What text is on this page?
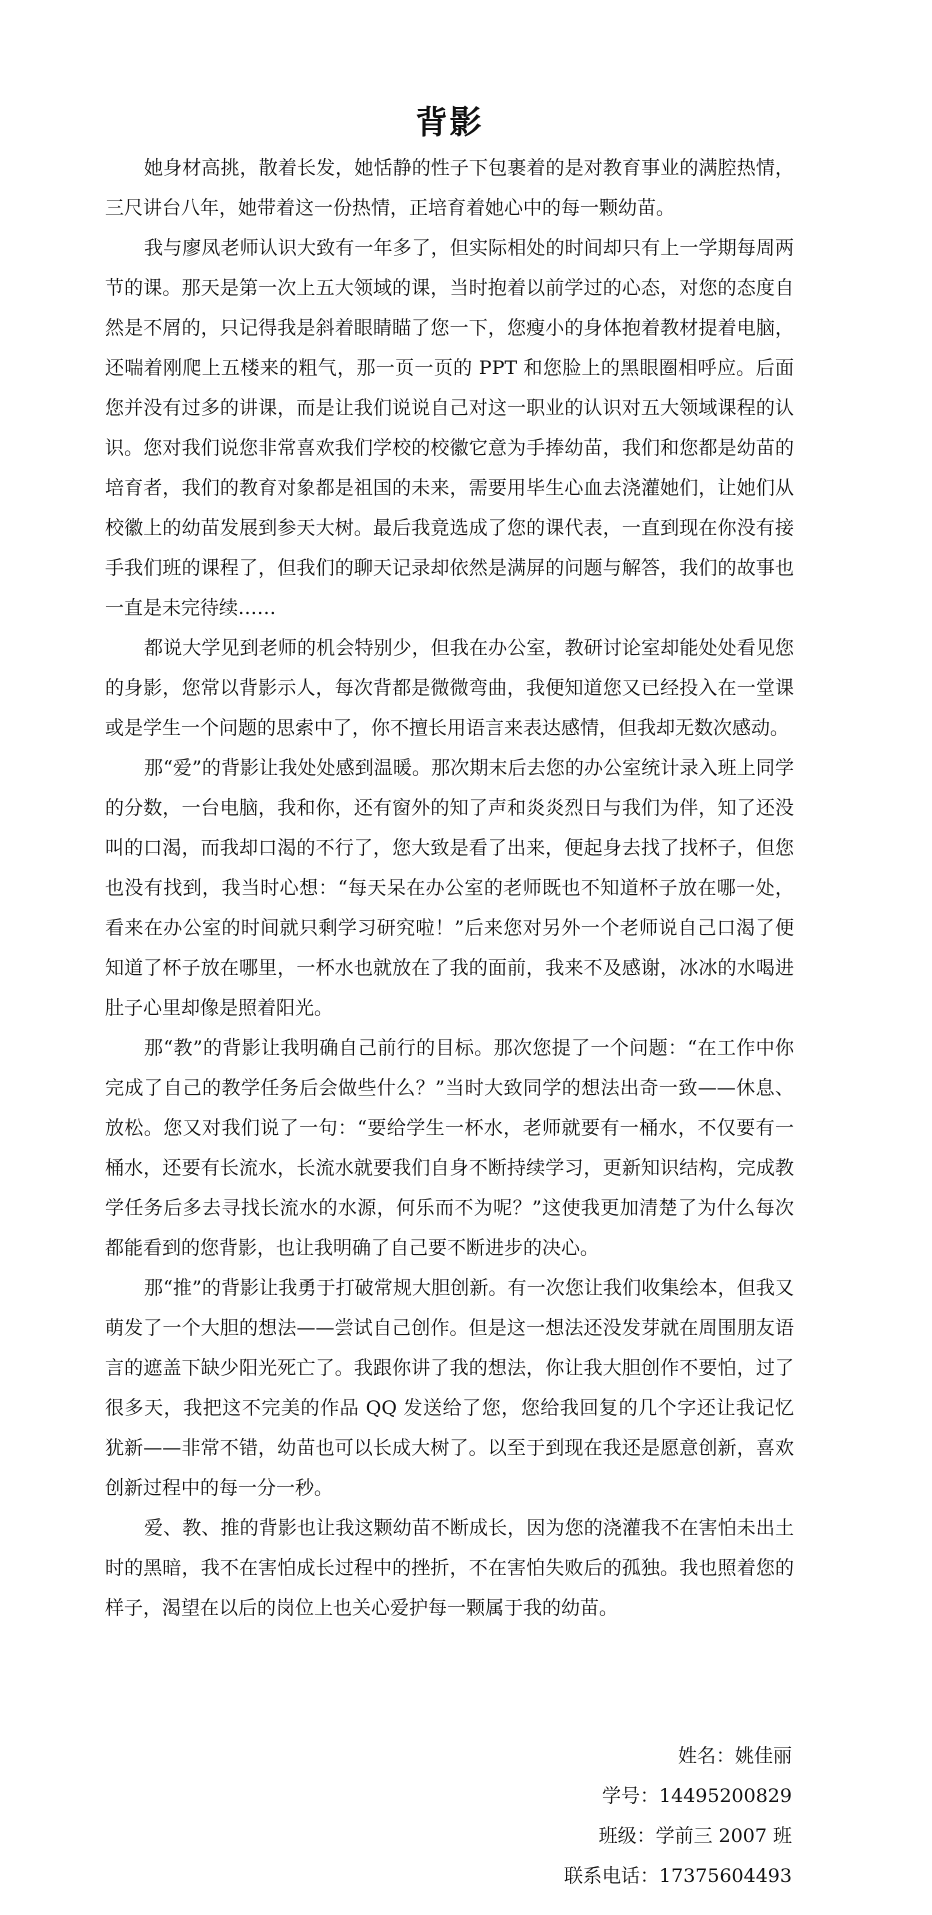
背影

她身材高挑，散着长发，她恬静的性子下包裹着的是对教育事业的满腔热情，三尺讲台八年，她带着这一份热情，正培育着她心中的每一颗幼苗。

我与廖凤老师认识大致有一年多了，但实际相处的时间却只有上一学期每周两节的课。那天是第一次上五大领域的课，当时抱着以前学过的心态，对您的态度自然是不屑的，只记得我是斜着眼睛瞄了您一下，您瘦小的身体抱着教材提着电脑，还喘着刚爬上五楼来的粗气，那一页一页的 PPT 和您脸上的黑眼圈相呼应。后面您并没有过多的讲课，而是让我们说说自己对这一职业的认识对五大领域课程的认识。您对我们说您非常喜欢我们学校的校徽它意为手捧幼苗，我们和您都是幼苗的培育者，我们的教育对象都是祖国的未来，需要用毕生心血去浇灌她们，让她们从校徽上的幼苗发展到参天大树。最后我竟选成了您的课代表，一直到现在你没有接手我们班的课程了，但我们的聊天记录却依然是满屏的问题与解答，我们的故事也一直是未完待续……

都说大学见到老师的机会特别少，但我在办公室，教研讨论室却能处处看见您的身影，您常以背影示人，每次背都是微微弯曲，我便知道您又已经投入在一堂课或是学生一个问题的思索中了，你不擅长用语言来表达感情，但我却无数次感动。

那“爱”的背影让我处处感到温暖。那次期末后去您的办公室统计录入班上同学的分数，一台电脑，我和你，还有窗外的知了声和炎炎烈日与我们为伴，知了还没叫的口渴，而我却口渴的不行了，您大致是看了出来，便起身去找了找杯子，但您也没有找到，我当时心想：“每天呆在办公室的老师既也不知道杯子放在哪一处，看来在办公室的时间就只剩学习研究啦！”后来您对另外一个老师说自己口渴了便知道了杯子放在哪里，一杯水也就放在了我的面前，我来不及感谢，冰冰的水喝进肚子心里却像是照着阳光。

那“教”的背影让我明确自己前行的目标。那次您提了一个问题：“在工作中你完成了自己的教学任务后会做些什么？”当时大致同学的想法出奇一致——休息、放松。您又对我们说了一句：“要给学生一杯水，老师就要有一桶水，不仅要有一桶水，还要有长流水，长流水就要我们自身不断持续学习，更新知识结构，完成教学任务后多去寻找长流水的水源，何乐而不为呢？”这使我更加清楚了为什么每次都能看到的您背影，也让我明确了自己要不断进步的决心。

那“推”的背影让我勇于打破常规大胆创新。有一次您让我们收集绘本，但我又萌发了一个大胆的想法——尝试自己创作。但是这一想法还没发芽就在周围朋友语言的遮盖下缺少阳光死亡了。我跟你讲了我的想法，你让我大胆创作不要怕，过了很多天，我把这不完美的作品 QQ 发送给了您，您给我回复的几个字还让我记忆犹新——非常不错，幼苗也可以长成大树了。以至于到现在我还是愿意创新，喜欢创新过程中的每一分一秒。

爱、教、推的背影也让我这颗幼苗不断成长，因为您的浇灌我不在害怕未出土时的黑暗，我不在害怕成长过程中的挫折，不在害怕失败后的孤独。我也照着您的样子，渴望在以后的岗位上也关心爱护每一颗属于我的幼苗。

姓名：姚佳丽
学号：14495200829
班级：学前三 2007 班
联系电话：17375604493
